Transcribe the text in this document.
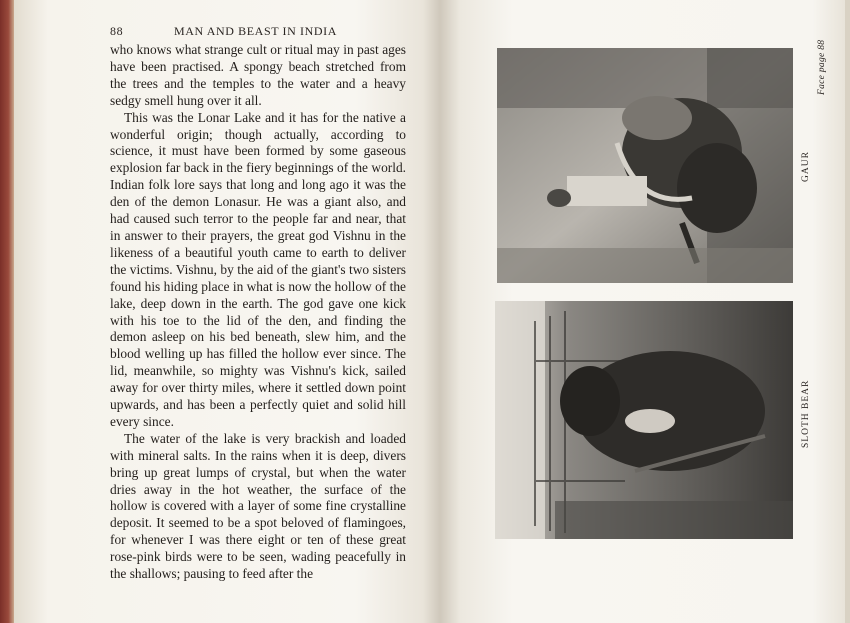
88	MAN AND BEAST IN INDIA

who knows what strange cult or ritual may in past ages have been practised. A spongy beach stretched from the trees and the temples to the water and a heavy sedgy smell hung over it all.

This was the Lonar Lake and it has for the native a wonderful origin; though actually, according to science, it must have been formed by some gaseous explosion far back in the fiery beginnings of the world. Indian folk lore says that long and long ago it was the den of the demon Lonasur. He was a giant also, and had caused such terror to the people far and near, that in answer to their prayers, the great god Vishnu in the likeness of a beautiful youth came to earth to deliver the victims. Vishnu, by the aid of the giant's two sisters found his hiding place in what is now the hollow of the lake, deep down in the earth. The god gave one kick with his toe to the lid of the den, and finding the demon asleep on his bed beneath, slew him, and the blood welling up has filled the hollow ever since. The lid, meanwhile, so mighty was Vishnu's kick, sailed away for over thirty miles, where it settled down point upwards, and has been a perfectly quiet and solid hill every since.

The water of the lake is very brackish and loaded with mineral salts. In the rains when it is deep, divers bring up great lumps of crystal, but when the water dries away in the hot weather, the surface of the hollow is covered with a layer of some fine crystalline deposit. It seemed to be a spot beloved of flamingoes, for whenever I was there eight or ten of these great rose-pink birds were to be seen, wading peacefully in the shallows; pausing to feed after the

GAUR
SLOTH BEAR
Face page 88
